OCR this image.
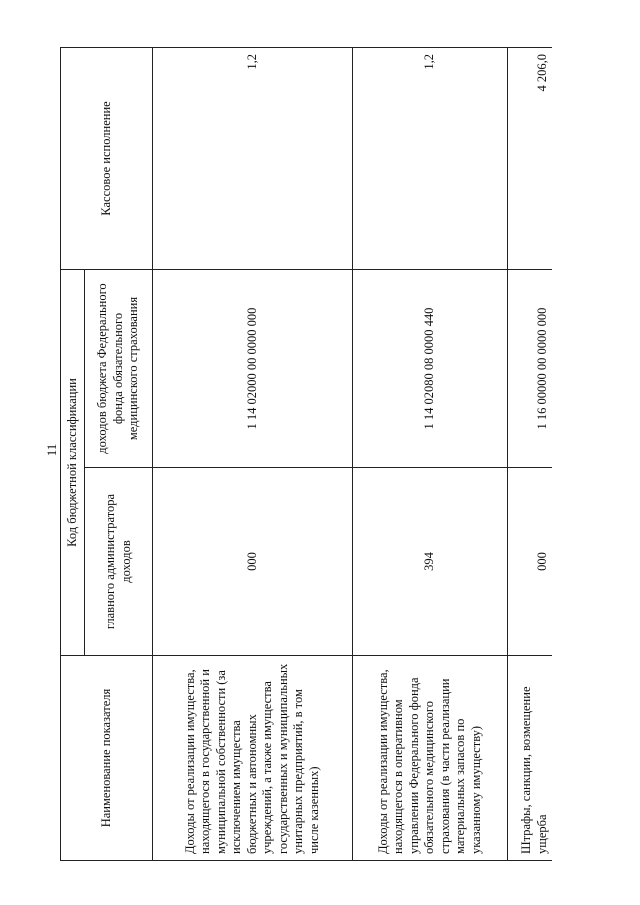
11
Наименование показателя	Код бюджетной классификации		Кассовое исполнение
	главного администратора доходов	доходов бюджета Федерального фонда обязательного медицинского страхования	
Доходы от реализации имущества, находящегося в государственной и муниципальной собственности (за исключением имущества бюджетных и автономных учреждений, а также имущества государственных и муниципальных унитарных предприятий, в том числе казенных)	000	1 14 02000 00 0000 000	1,2
Доходы от реализации имущества, находящегося в оперативном управлении Федерального фонда обязательного медицинского страхования (в части реализации материальных запасов по указанному имуществу)	394	1 14 02080 08 0000 440	1,2
Штрафы, санкции, возмещение ущерба	000	1 16 00000 00 0000 000	4 206,0
